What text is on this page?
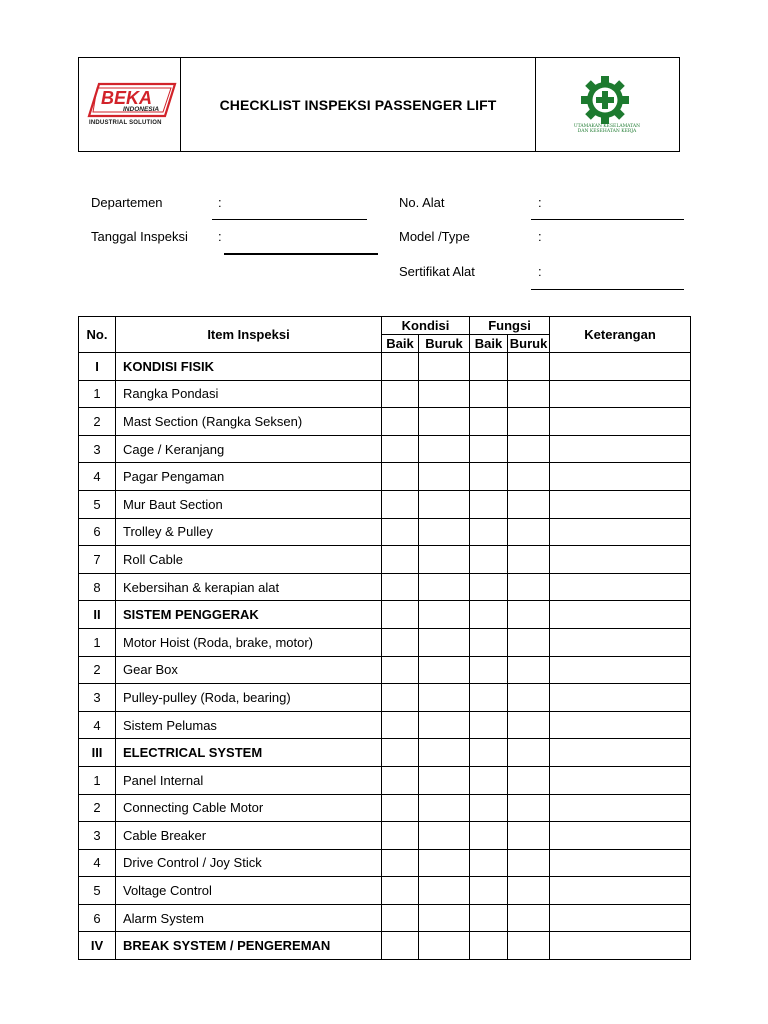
BEKA
INDONESIA
INDUSTRIAL SOLUTION
CHECKLIST INSPEKSI PASSENGER LIFT
UTAMAKAN KESELAMATAN
DAN KESEHATAN KERJA
Departemen	:
Tanggal Inspeksi :
No. Alat	:
Model /Type	:
Sertifikat Alat	:
No.	Item Inspeksi	Kondisi		Fungsi		Keterangan
		Baik	Buruk	Baik	Buruk	
I	KONDISI FISIK					
1	Rangka Pondasi					
2	Mast Section (Rangka Seksen)					
3	Cage / Keranjang					
4	Pagar Pengaman					
5	Mur Baut Section					
6	Trolley & Pulley					
7	Roll Cable					
8	Kebersihan & kerapian alat					
II	SISTEM PENGGERAK					
1	Motor Hoist (Roda, brake, motor)					
2	Gear Box					
3	Pulley-pulley (Roda, bearing)					
4	Sistem Pelumas					
III	ELECTRICAL SYSTEM					
1	Panel Internal					
2	Connecting Cable Motor					
3	Cable Breaker					
4	Drive Control / Joy Stick					
5	Voltage Control					
6	Alarm System					
IV	BREAK SYSTEM / PENGEREMAN					
